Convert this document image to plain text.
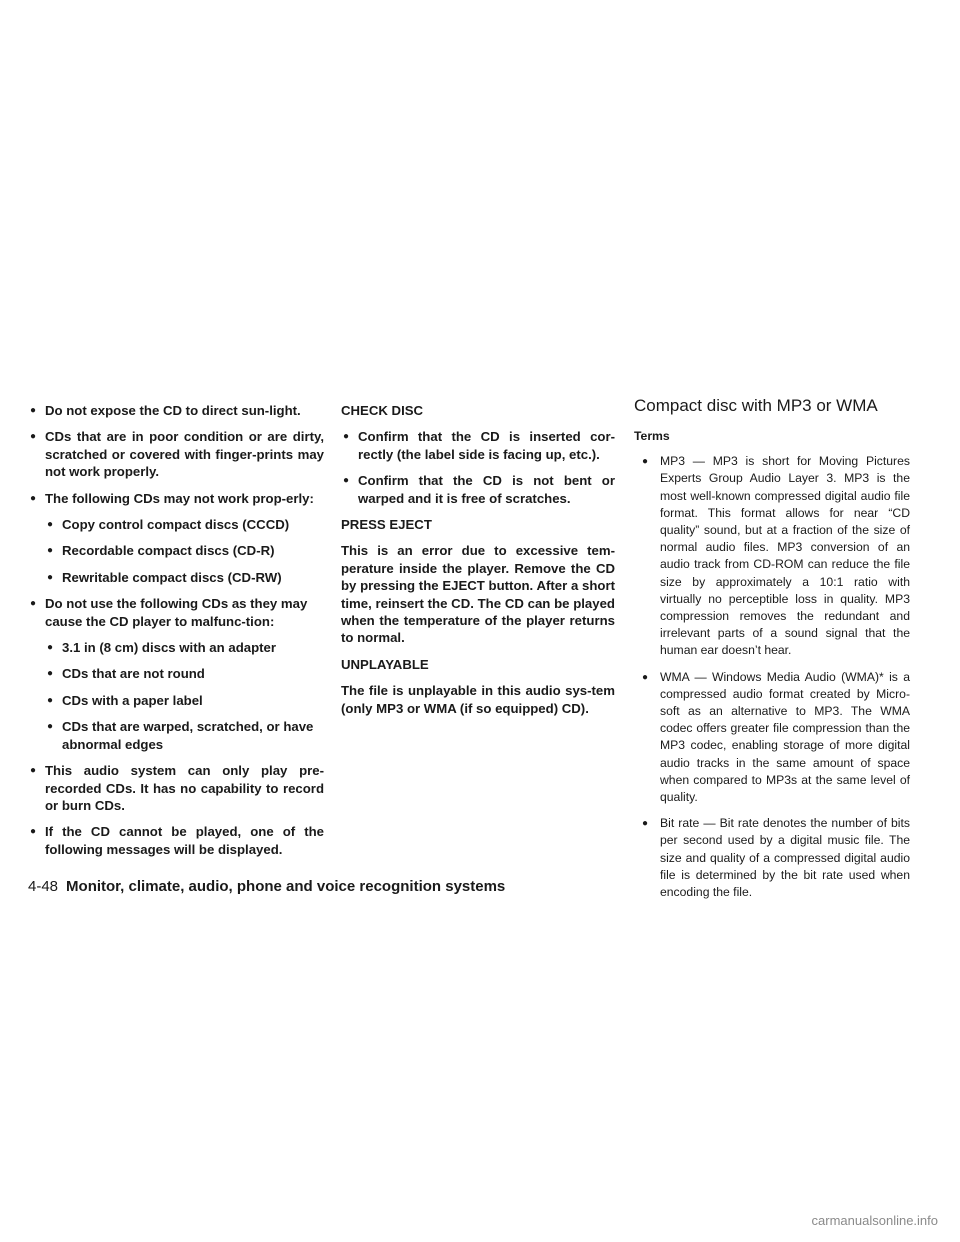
● Do not expose the CD to direct sun-light.
● CDs that are in poor condition or are dirty, scratched or covered with finger-prints may not work properly.
● The following CDs may not work prop-erly:
● Copy control compact discs (CCCD)
● Recordable compact discs (CD-R)
● Rewritable compact discs (CD-RW)
● Do not use the following CDs as they may cause the CD player to malfunc-tion:
● 3.1 in (8 cm) discs with an adapter
● CDs that are not round
● CDs with a paper label
● CDs that are warped, scratched, or have abnormal edges
● This audio system can only play pre-recorded CDs. It has no capability to record or burn CDs.
● If the CD cannot be played, one of the following messages will be displayed.

CHECK DISC

● Confirm that the CD is inserted cor-rectly (the label side is facing up, etc.).
● Confirm that the CD is not bent or warped and it is free of scratches.

PRESS EJECT

This is an error due to excessive tem-perature inside the player. Remove the CD by pressing the EJECT button. After a short time, reinsert the CD. The CD can be played when the temperature of the player returns to normal.

UNPLAYABLE

The file is unplayable in this audio sys-tem (only MP3 or WMA (if so equipped) CD).

Compact disc with MP3 or WMA
Terms
● MP3 — MP3 is short for Moving Pictures Experts Group Audio Layer 3. MP3 is the most well-known compressed digital audio file format. This format allows for near “CD quality” sound, but at a fraction of the size of normal audio files. MP3 conversion of an audio track from CD-ROM can reduce the file size by approximately a 10:1 ratio with virtually no perceptible loss in quality. MP3 compression removes the redundant and irrelevant parts of a sound signal that the human ear doesn’t hear.
● WMA — Windows Media Audio (WMA)* is a compressed audio format created by Micro-soft as an alternative to MP3. The WMA codec offers greater file compression than the MP3 codec, enabling storage of more digital audio tracks in the same amount of space when compared to MP3s at the same level of quality.
● Bit rate — Bit rate denotes the number of bits per second used by a digital music file. The size and quality of a compressed digital audio file is determined by the bit rate used when encoding the file.
4-48 Monitor, climate, audio, phone and voice recognition systems
carmanualsonline.info
